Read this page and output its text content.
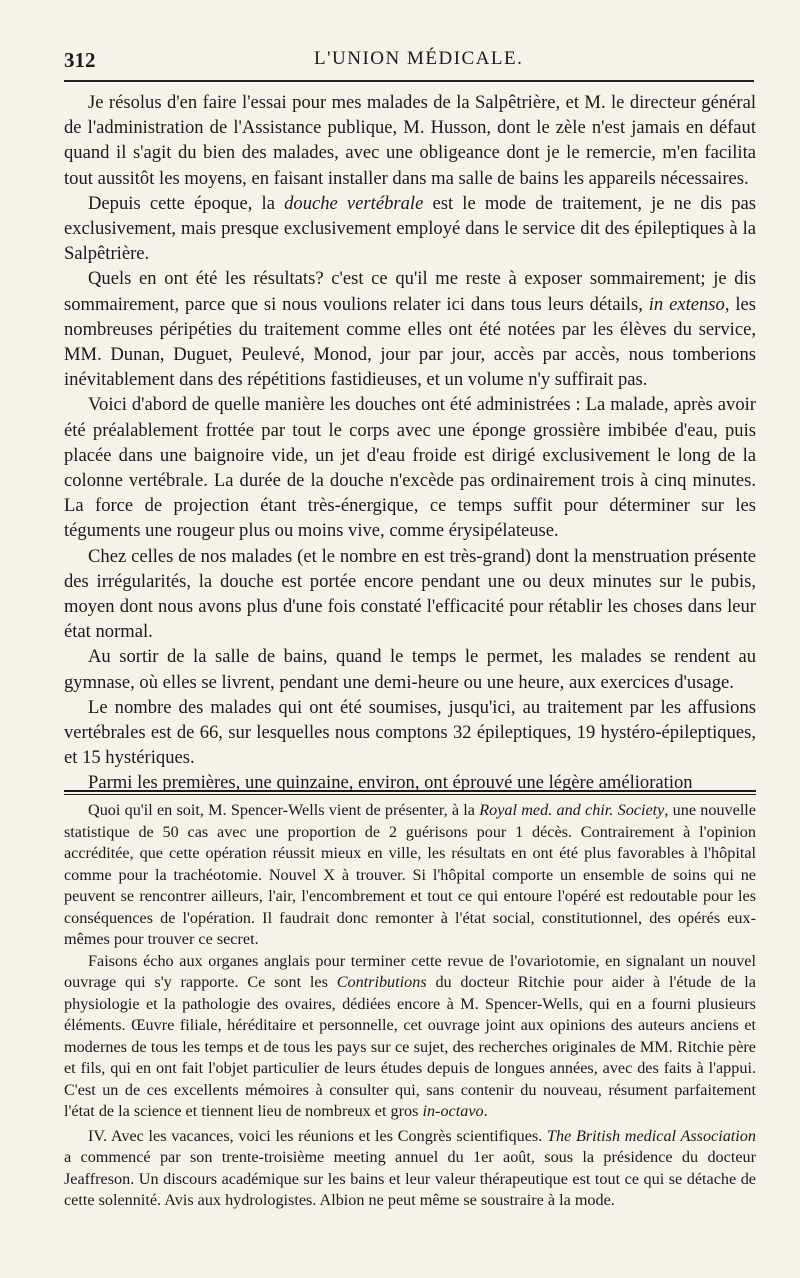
312	L'UNION MÉDICALE.

Je résolus d'en faire l'essai pour mes malades de la Salpêtrière, et M. le directeur général de l'administration de l'Assistance publique, M. Husson, dont le zèle n'est jamais en défaut quand il s'agit du bien des malades, avec une obligeance dont je le remercie, m'en facilita tout aussitôt les moyens, en faisant installer dans ma salle de bains les appareils nécessaires.

Depuis cette époque, la douche vertébrale est le mode de traitement, je ne dis pas exclusivement, mais presque exclusivement employé dans le service dit des épileptiques à la Salpêtrière.

Quels en ont été les résultats? c'est ce qu'il me reste à exposer sommairement; je dis sommairement, parce que si nous voulions relater ici dans tous leurs détails, in extenso, les nombreuses péripéties du traitement comme elles ont été notées par les élèves du service, MM. Dunan, Duguet, Peulevé, Monod, jour par jour, accès par accès, nous tomberions inévitablement dans des répétitions fastidieuses, et un volume n'y suffirait pas.

Voici d'abord de quelle manière les douches ont été administrées : La malade, après avoir été préalablement frottée par tout le corps avec une éponge grossière imbibée d'eau, puis placée dans une baignoire vide, un jet d'eau froide est dirigé exclusivement le long de la colonne vertébrale. La durée de la douche n'excède pas ordinairement trois à cinq minutes. La force de projection étant très-énergique, ce temps suffit pour déterminer sur les téguments une rougeur plus ou moins vive, comme érysipélateuse.

Chez celles de nos malades (et le nombre en est très-grand) dont la menstruation présente des irrégularités, la douche est portée encore pendant une ou deux minutes sur le pubis, moyen dont nous avons plus d'une fois constaté l'efficacité pour rétablir les choses dans leur état normal.

Au sortir de la salle de bains, quand le temps le permet, les malades se rendent au gymnase, où elles se livrent, pendant une demi-heure ou une heure, aux exercices d'usage.

Le nombre des malades qui ont été soumises, jusqu'ici, au traitement par les affusions vertébrales est de 66, sur lesquelles nous comptons 32 épileptiques, 19 hystéro-épileptiques, et 15 hystériques.

Parmi les premières, une quinzaine, environ, ont éprouvé une légère amélioration

Quoi qu'il en soit, M. Spencer-Wells vient de présenter, à la Royal med. and chir. Society, une nouvelle statistique de 50 cas avec une proportion de 2 guérisons pour 1 décès. Contrairement à l'opinion accréditée, que cette opération réussit mieux en ville, les résultats en ont été plus favorables à l'hôpital comme pour la trachéotomie. Nouvel X à trouver. Si l'hôpital comporte un ensemble de soins qui ne peuvent se rencontrer ailleurs, l'air, l'encombrement et tout ce qui entoure l'opéré est redoutable pour les conséquences de l'opération. Il faudrait donc remonter à l'état social, constitutionnel, des opérés eux-mêmes pour trouver ce secret.

Faisons écho aux organes anglais pour terminer cette revue de l'ovariotomie, en signalant un nouvel ouvrage qui s'y rapporte. Ce sont les Contributions du docteur Ritchie pour aider à l'étude de la physiologie et la pathologie des ovaires, dédiées encore à M. Spencer-Wells, qui en a fourni plusieurs éléments. Œuvre filiale, héréditaire et personnelle, cet ouvrage joint aux opinions des auteurs anciens et modernes de tous les temps et de tous les pays sur ce sujet, des recherches originales de MM. Ritchie père et fils, qui en ont fait l'objet particulier de leurs études depuis de longues années, avec des faits à l'appui. C'est un de ces excellents mémoires à consulter qui, sans contenir du nouveau, résument parfaitement l'état de la science et tiennent lieu de nombreux et gros in-octavo.

IV. Avec les vacances, voici les réunions et les Congrès scientifiques. The British medical Association a commencé par son trente-troisième meeting annuel du 1er août, sous la présidence du docteur Jeaffreson. Un discours académique sur les bains et leur valeur thérapeutique est tout ce qui se détache de cette solennité. Avis aux hydrologistes. Albion ne peut même se soustraire à la mode.
